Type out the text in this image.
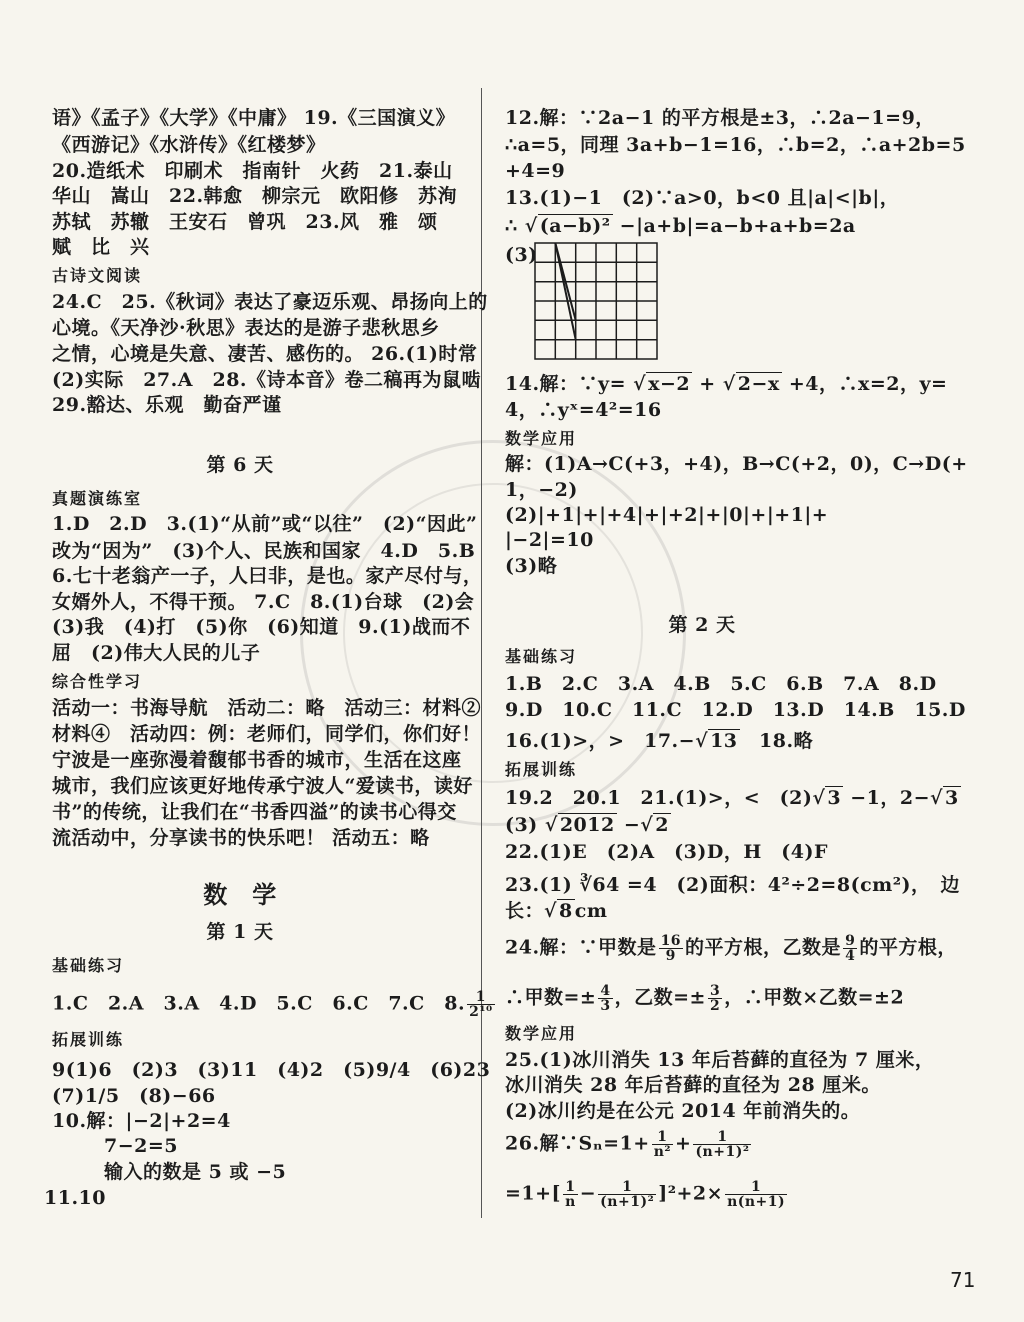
语》《孟子》《大学》《中庸》 19.《三国演义》
《西游记》《水浒传》《红楼梦》
20.造纸术　印刷术　指南针　火药　21.泰山
华山　嵩山　22.韩愈　柳宗元　欧阳修　苏洵
苏轼　苏辙　王安石　曾巩　23.风　雅　颂
赋　比　兴
古诗文阅读
24.C　25.《秋词》表达了豪迈乐观、昂扬向上的
心境。《天净沙·秋思》表达的是游子悲秋思乡
之情，心境是失意、凄苦、感伤的。 26.(1)时常
(2)实际　27.A　28.《诗本音》卷二稿再为鼠啮
29.豁达、乐观　勤奋严谨
第 6 天
真题演练室
1.D　2.D　3.(1)“从前”或“以往”　(2)“因此”
改为“因为”　(3)个人、民族和国家　4.D　5.B
6.七十老翁产一子，人曰非，是也。家产尽付与，
女婿外人，不得干预。 7.C　8.(1)台球　(2)会
(3)我　(4)打　(5)你　(6)知道　9.(1)战而不
屈　(2)伟大人民的儿子
综合性学习
活动一：书海导航　活动二：略　活动三：材料②
材料④　活动四：例：老师们，同学们，你们好！
宁波是一座弥漫着馥郁书香的城市，生活在这座
城市，我们应该更好地传承宁波人“爱读书，读好
书”的传统，让我们在“书香四溢”的读书心得交
流活动中，分享读书的快乐吧！ 活动五：略
数　学
第 1 天
基础练习
1.C　2.A　3.A　4.D　5.C　6.C　7.C　8. $\frac{1}{\text{2¹⁰}}$
拓展训练
9(1)6　(2)3　(3)11　(4)2　(5)9/4　(6)23
(7)1/5　(8)−66
10.解：|−2|+2=4
7−2=5
输入的数是 5 或 −5
11.10
12.解：∵2a−1 的平方根是±3，∴2a−1=9，
∴a=5，同理 3a+b−1=16，∴b=2，∴a+2b=5
+4=9
13.(1)−1　(2)∵a>0，b<0 且|a|<|b|，
∴ √ (a−b)² −|a+b|=a−b+a+b=2a
(3)
14.解：∵y= √ x−2 + √ 2−x +4，∴x=2，y=
4，∴yˣ=4²=16
数学应用
解：(1)A→C(+3，+4)，B→C(+2，0)，C→D(+
1，−2)
(2)|+1|+|+4|+|+2|+|0|+|+1|+
|−2|=10
(3)略
第 2 天
基础练习
1.B　2.C　3.A　4.B　5.C　6.B　7.A　8.D
9.D　10.C　11.C　12.D　13.D　14.B　15.D
16.(1)>，>　17.−√ 13　18.略
拓展训练
19.2　20.1　21.(1)>，<　(2)√ 3 −1，2−√ 3
(3) √ 2012 −√ 2
22.(1)E　(2)A　(3)D，H　(4)F
23.(1) ∛64 =4　(2)面积：4²÷2=8(cm²)，　边
长：√ 8 cm
24.解：∵甲数是 $\frac{16}{9}$ 的平方根，乙数是 $\frac{9}{4}$ 的平方根，
∴甲数=± $\frac{4}{3}$ ，乙数=± $\frac{3}{2}$ ，∴甲数×乙数=±2
数学应用
25.(1)冰川消失 13 年后苔藓的直径为 7 厘米，
冰川消失 28 年后苔藓的直径为 28 厘米。
(2)冰川约是在公元 2014 年前消失的。
26.解∵Sₙ=1+ $\frac{1}{\text{n²}} + \frac{1}{\text{(n+1)²}}$
$=1+[ \frac{1}{n} - \frac{1}{\text{(n+1)²}} ]^2+2\times \frac{1}{n(n+1)}$
71
